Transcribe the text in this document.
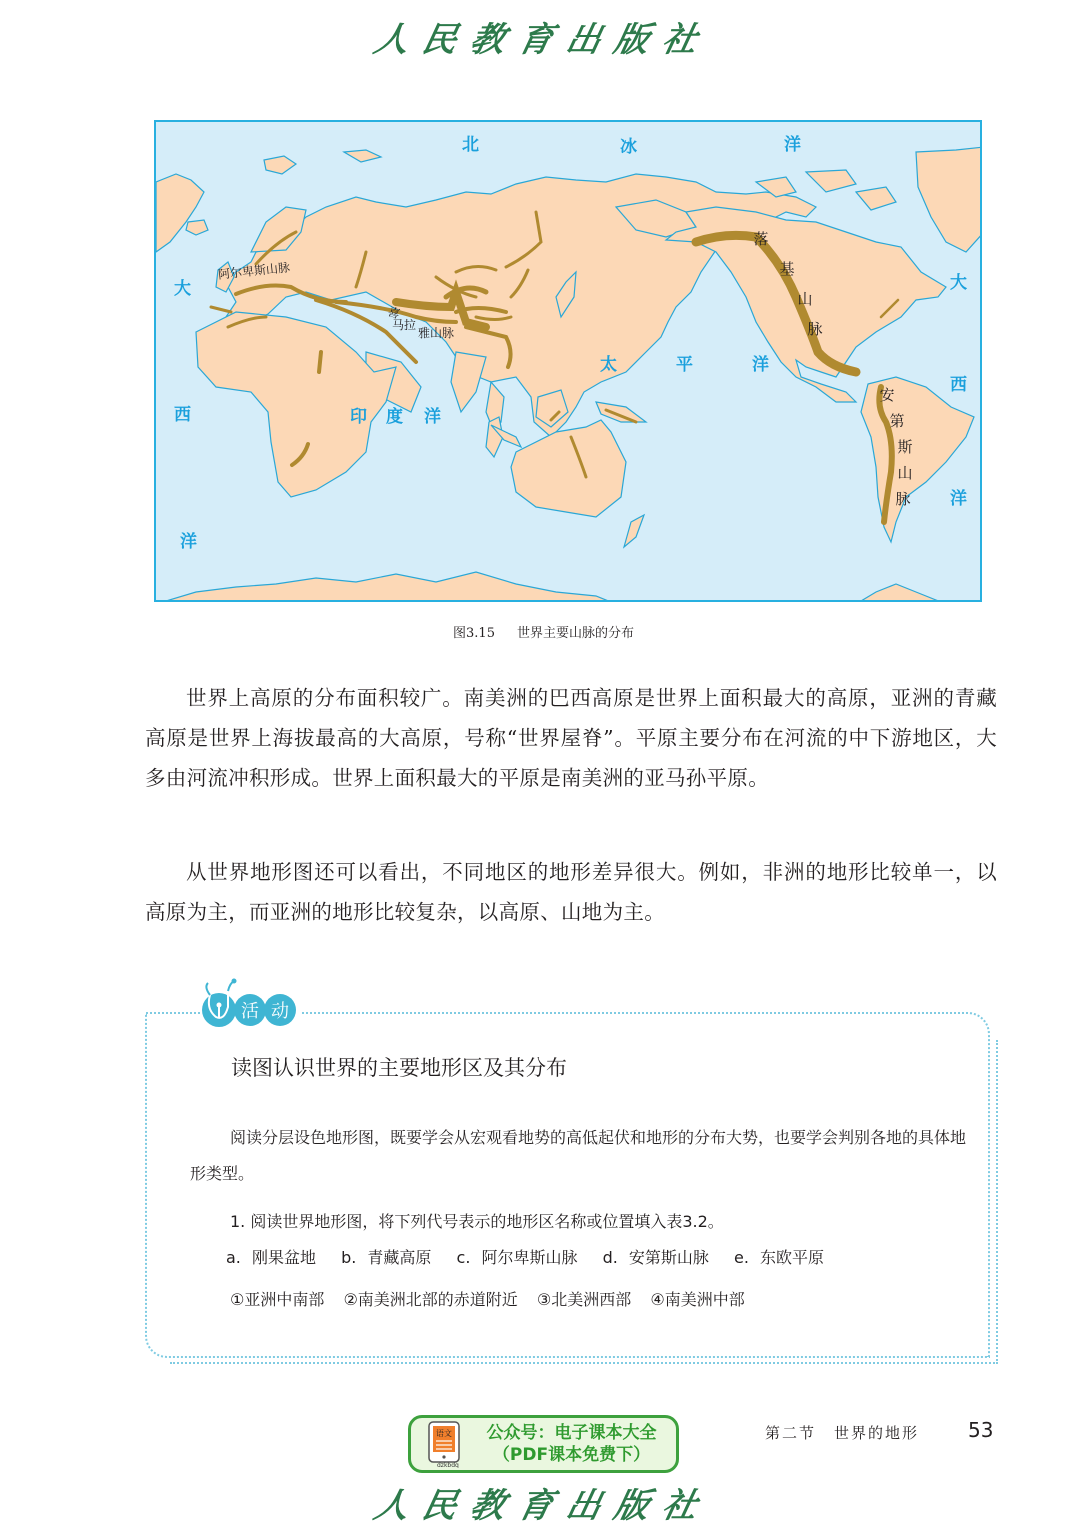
人民教育出版社
北	冰	洋
大
西
洋
大
西
洋
印 度 洋
太	平	洋
阿尔卑斯山脉
喜
马拉
雅山脉
落
基
山
脉
安
第
斯
山
脉
图3.15 世界主要山脉的分布

世界上高原的分布面积较广。南美洲的巴西高原是世界上面积最大的高原，亚洲的青藏高原是世界上海拔最高的大高原，号称“世界屋脊”。平原主要分布在河流的中下游地区，大多由河流冲积形成。世界上面积最大的平原是南美洲的亚马孙平原。

从世界地形图还可以看出，不同地区的地形差异很大。例如，非洲的地形比较单一，以高原为主，而亚洲的地形比较复杂，以高原、山地为主。

活 动
读图认识世界的主要地形区及其分布
阅读分层设色地形图，既要学会从宏观看地势的高低起伏和地形的分布大势，也要学会判别各地的具体地形类型。
1. 阅读世界地形图，将下列代号表示的地形区名称或位置填入表3.2。
a. 刚果盆地 b. 青藏高原 c. 阿尔卑斯山脉 d. 安第斯山脉 e. 东欧平原
①亚洲中南部 ②南美洲北部的赤道附近 ③北美洲西部 ④南美洲中部
语文
dzkbdq
公众号：电子课本大全
（PDF课本免费下）
第二节 世界的地形 53
人民教育出版社
